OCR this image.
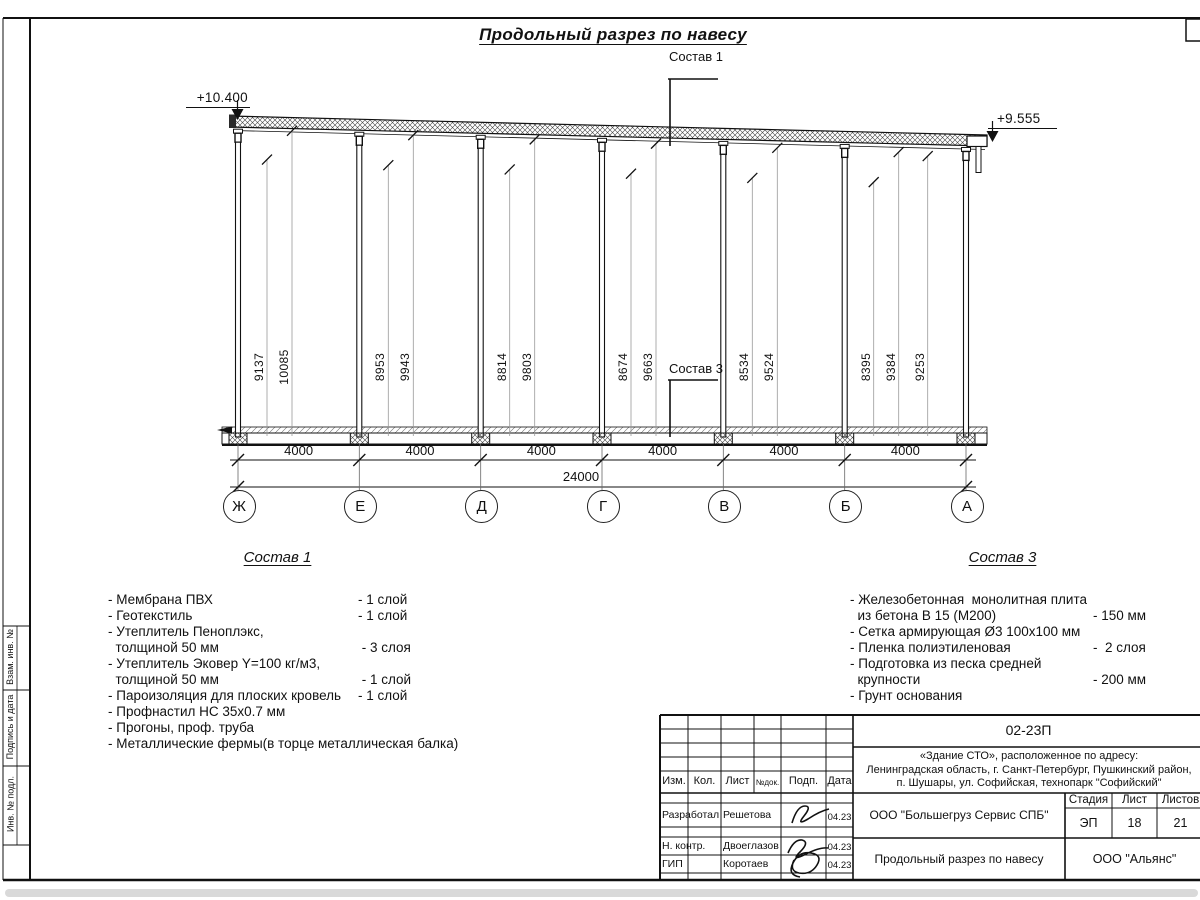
Продольный разрез по навесу
Состав 1
Состав 3
+10.400
+9.555
24000
Состав 1
- Мембрана ПВХ	- 1 слой
- Геотекстиль	- 1 слой
- Утеплитель Пеноплэкс,
толщиной 50 мм	- 3 слоя
- Утеплитель Эковер Y=100 кг/м3,
толщиной 50 мм	- 1 слой
- Пароизоляция для плоских кровель - 1 слой
- Профнастил НС 35х0.7 мм
- Прогоны, проф. труба
- Металлические фермы(в торце металлическая балка)
Состав 3
- Железобетонная  монолитная плита
из бетона В 15 (М200)	- 150 мм
- Сетка армирующая Ø3 100х100 мм
- Пленка полиэтиленовая	-  2 слоя
- Подготовка из песка средней
крупности	- 200 мм
- Грунт основания
Взам. инв. №
Подпись и дата
Инв. № подл.
02-23П
«Здание СТО», расположенное по адресу:
Ленинградская область, г. Санкт-Петербург, Пушкинский район,
п. Шушары, ул. Софийская, технопарк "Софийский"
Изм. Кол. Лист №док. Подп. Дата
Разработал Решетова	04.23
Н. контр.	Двоеглазов	04.23
ГИП	Коротаев	04.23
ООО "Большегруз Сервис СПБ"
Стадия	Лист	Листов
ЭП	18	21
Продольный разрез по навесу	ООО "Альянс"
Ж	Е	Д	Г	В	Б	А
4000	4000	4000	4000	4000	4000
9137 10085	8953 9943	8814 9803	8674 9663	8534 9524	8395 9384 9253
